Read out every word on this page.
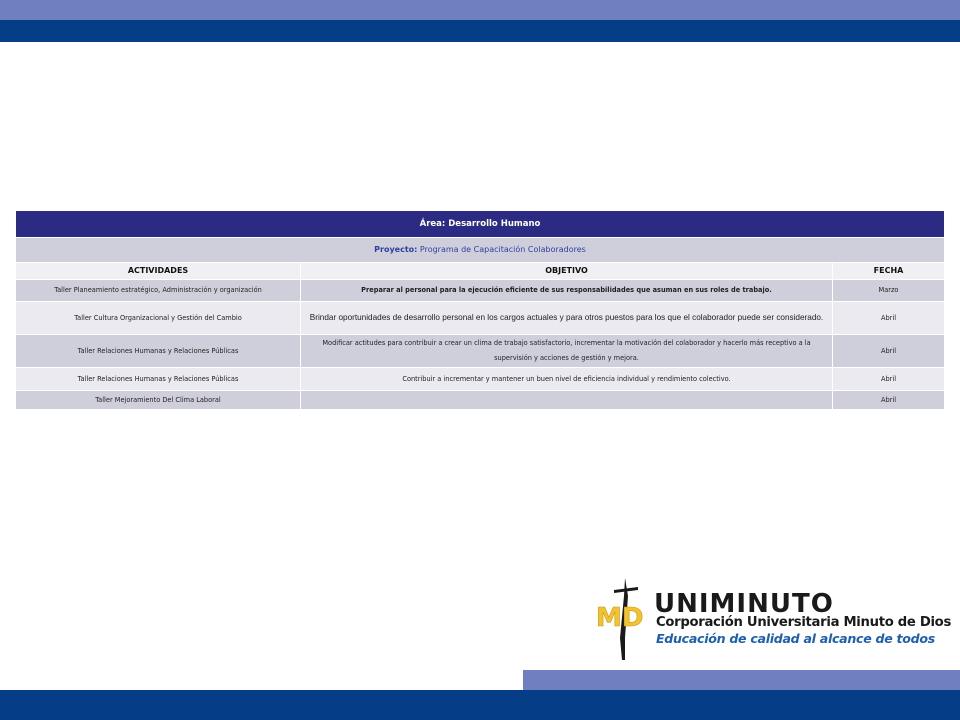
Área: Desarrollo Humano		
Proyecto: Programa de Capacitación Colaboradores		
ACTIVIDADES	OBJETIVO	FECHA
Taller Planeamiento estratégico, Administración y organización	Preparar al personal para la ejecución eficiente de sus responsabilidades que asuman en sus roles de trabajo.	Marzo
Taller Cultura Organizacional y Gestión del Cambio	Brindar oportunidades de desarrollo personal en los cargos actuales y para otros puestos para los que el colaborador puede ser considerado.	Abril
Taller Relaciones Humanas y Relaciones Públicas	Modificar actitudes para contribuir a crear un clima de trabajo satisfactorio, incrementar la motivación del colaborador y hacerlo más receptivo a la supervisión y acciones de gestión y mejora.	Abril
Taller Relaciones Humanas y Relaciones Públicas	Contribuir a incrementar y mantener un buen nivel de eficiencia individual y rendimiento colectivo.	Abril
Taller Mejoramiento Del Clima Laboral		Abril
MD UNIMINUTO
Corporación Universitaria Minuto de Dios
Educación de calidad al alcance de todos
